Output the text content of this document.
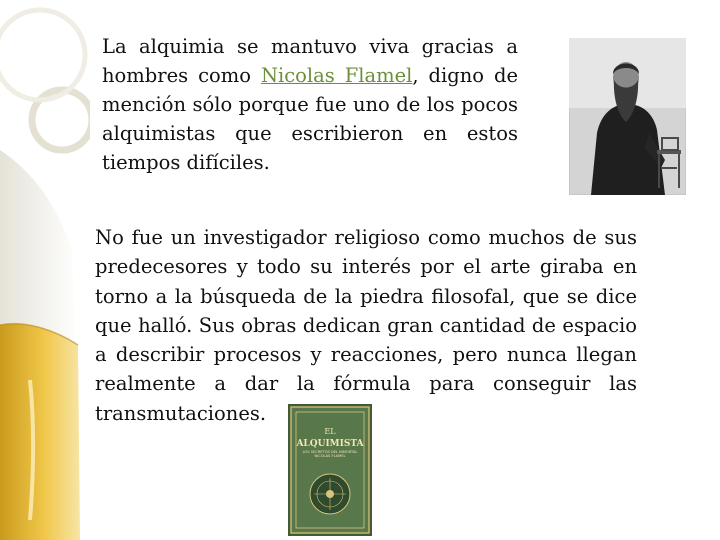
La alquimia se mantuvo viva gracias a hombres como Nicolas Flamel, digno de mención sólo porque fue uno de los pocos alquimistas que escribieron en estos tiempos difíciles.

No fue un investigador religioso como muchos de sus predecesores y todo su interés por el arte giraba en torno a la búsqueda de la piedra filosofal, que se dice que halló. Sus obras dedican gran cantidad de espacio a describir procesos y reacciones, pero nunca llegan realmente a dar la fórmula para conseguir las transmutaciones.

EL
ALQUIMISTA
LOS SECRETOS DEL INMORTAL NICOLAS FLAMEL
